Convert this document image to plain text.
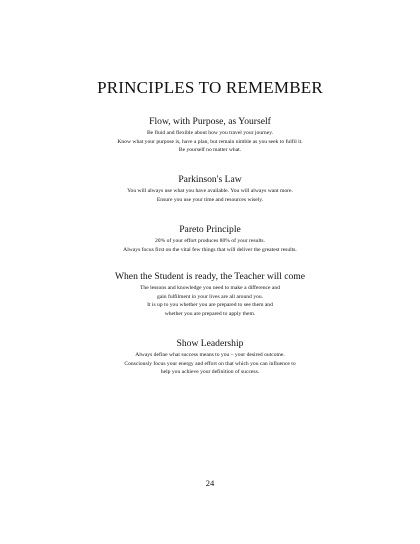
PRINCIPLES TO REMEMBER
Flow, with Purpose, as Yourself

Be fluid and flexible about how you travel your journey.

Know what your purpose is, have a plan, but remain nimble as you seek to fulfil it.

Be yourself no matter what.

Parkinson's Law

You will always use what you have available. You will always want more.

Ensure you use your time and resources wisely.

Pareto Principle

20% of your effort produces 80% of your results.

Always focus first on the vital few things that will deliver the greatest results.

When the Student is ready, the Teacher will come

The lessons and knowledge you need to make a difference and

gain fulfilment in your lives are all around you.

It is up to you whether you are prepared to see them and

whether you are prepared to apply them.

Show Leadership

Always define what success means to you – your desired outcome.

Consciously focus your energy and effort on that which you can influence to

help you achieve your definition of success.

24
